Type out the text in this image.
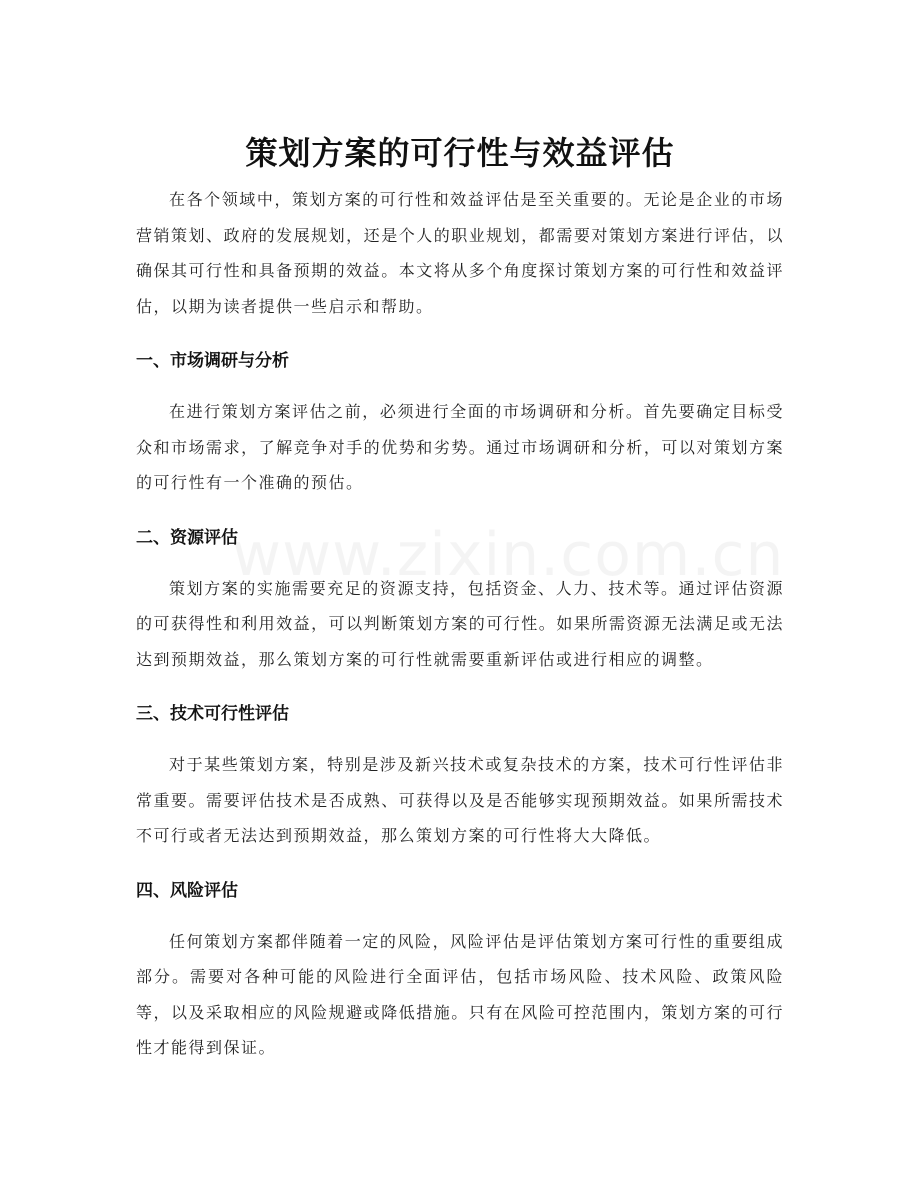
策划方案的可行性与效益评估

在各个领域中，策划方案的可行性和效益评估是至关重要的。无论是企业的市场营销策划、政府的发展规划，还是个人的职业规划，都需要对策划方案进行评估，以确保其可行性和具备预期的效益。本文将从多个角度探讨策划方案的可行性和效益评估，以期为读者提供一些启示和帮助。

一、市场调研与分析

在进行策划方案评估之前，必须进行全面的市场调研和分析。首先要确定目标受众和市场需求，了解竞争对手的优势和劣势。通过市场调研和分析，可以对策划方案的可行性有一个准确的预估。

二、资源评估

策划方案的实施需要充足的资源支持，包括资金、人力、技术等。通过评估资源的可获得性和利用效益，可以判断策划方案的可行性。如果所需资源无法满足或无法达到预期效益，那么策划方案的可行性就需要重新评估或进行相应的调整。

三、技术可行性评估

对于某些策划方案，特别是涉及新兴技术或复杂技术的方案，技术可行性评估非常重要。需要评估技术是否成熟、可获得以及是否能够实现预期效益。如果所需技术不可行或者无法达到预期效益，那么策划方案的可行性将大大降低。

四、风险评估

任何策划方案都伴随着一定的风险，风险评估是评估策划方案可行性的重要组成部分。需要对各种可能的风险进行全面评估，包括市场风险、技术风险、政策风险等，以及采取相应的风险规避或降低措施。只有在风险可控范围内，策划方案的可行性才能得到保证。
